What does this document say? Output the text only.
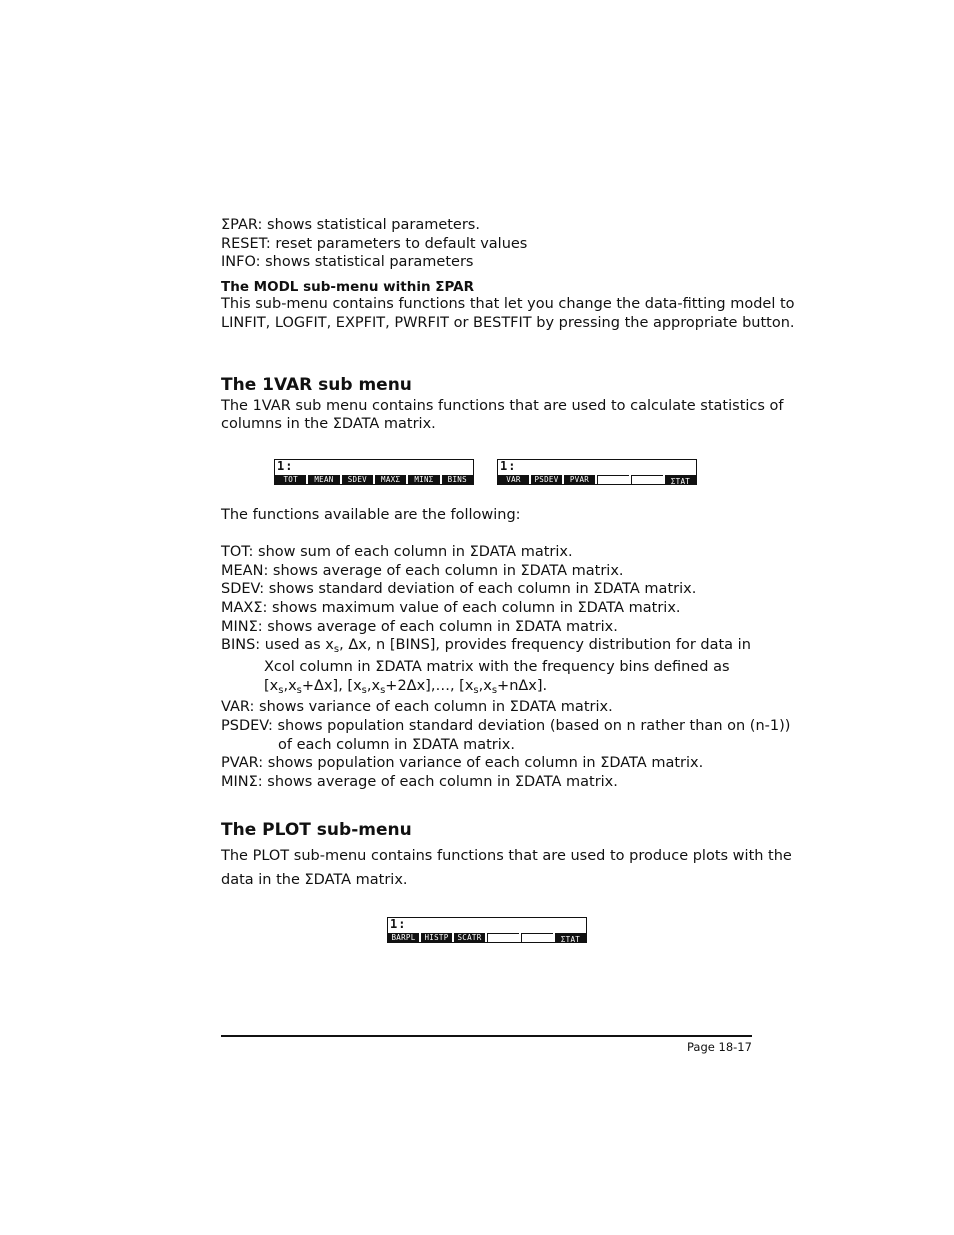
ΣPAR: shows statistical parameters.
RESET: reset parameters to default values
INFO: shows statistical parameters
The MODL sub-menu within ΣPAR
This sub-menu contains functions that let you change the data-fitting model to
LINFIT, LOGFIT, EXPFIT, PWRFIT or BESTFIT by pressing the appropriate button.
The 1VAR sub menu
The 1VAR sub menu contains functions that are used to calculate statistics of
columns in the ΣDATA matrix.
1:
TOT	MEAN	SDEV	MAXΣ	MINΣ	BINS
1:
VAR	PSDEV	PVAR	ΣTAT
The functions available are the following:
TOT: show sum of each column in ΣDATA matrix.
MEAN: shows average of each column in ΣDATA matrix.
SDEV: shows standard deviation of each column in ΣDATA matrix.
MAXΣ: shows maximum value of each column in ΣDATA matrix.
MINΣ: shows average of each column in ΣDATA matrix.
BINS: used as $x_s$, Δx, n [BINS], provides frequency distribution for data in
Xcol column in ΣDATA matrix with the frequency bins defined as
$[x_s,x_s+\Delta x]$, $[x_s,x_s+2\Delta x],\dots$, $[x_s,x_s+n\Delta x]$.
VAR: shows variance of each column in ΣDATA matrix.
PSDEV: shows population standard deviation (based on n rather than on (n-1))
of each column in ΣDATA matrix.
PVAR: shows population variance of each column in ΣDATA matrix.
MINΣ: shows average of each column in ΣDATA matrix.
The PLOT sub-menu
The PLOT sub-menu contains functions that are used to produce plots with the
data in the ΣDATA matrix.
1:
BARPL	HISTP	SCATR	ΣTAT
Page 18-17
